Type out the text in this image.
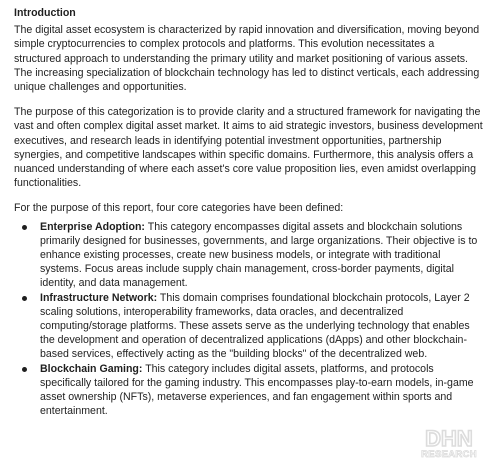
Introduction

The digital asset ecosystem is characterized by rapid innovation and diversification, moving beyond simple cryptocurrencies to complex protocols and platforms. This evolution necessitates a structured approach to understanding the primary utility and market positioning of various assets. The increasing specialization of blockchain technology has led to distinct verticals, each addressing unique challenges and opportunities.

The purpose of this categorization is to provide clarity and a structured framework for navigating the vast and often complex digital asset market. It aims to aid strategic investors, business development executives, and research leads in identifying potential investment opportunities, partnership synergies, and competitive landscapes within specific domains. Furthermore, this analysis offers a nuanced understanding of where each asset's core value proposition lies, even amidst overlapping functionalities.

For the purpose of this report, four core categories have been defined:

Enterprise Adoption: This category encompasses digital assets and blockchain solutions primarily designed for businesses, governments, and large organizations. Their objective is to enhance existing processes, create new business models, or integrate with traditional systems. Focus areas include supply chain management, cross-border payments, digital identity, and data management.
Infrastructure Network: This domain comprises foundational blockchain protocols, Layer 2 scaling solutions, interoperability frameworks, data oracles, and decentralized computing/storage platforms. These assets serve as the underlying technology that enables the development and operation of decentralized applications (dApps) and other blockchain-based services, effectively acting as the "building blocks" of the decentralized web.
Blockchain Gaming: This category includes digital assets, platforms, and protocols specifically tailored for the gaming industry. This encompasses play-to-earn models, in-game asset ownership (NFTs), metaverse experiences, and fan engagement within sports and entertainment.
DHN
RESEARCH
